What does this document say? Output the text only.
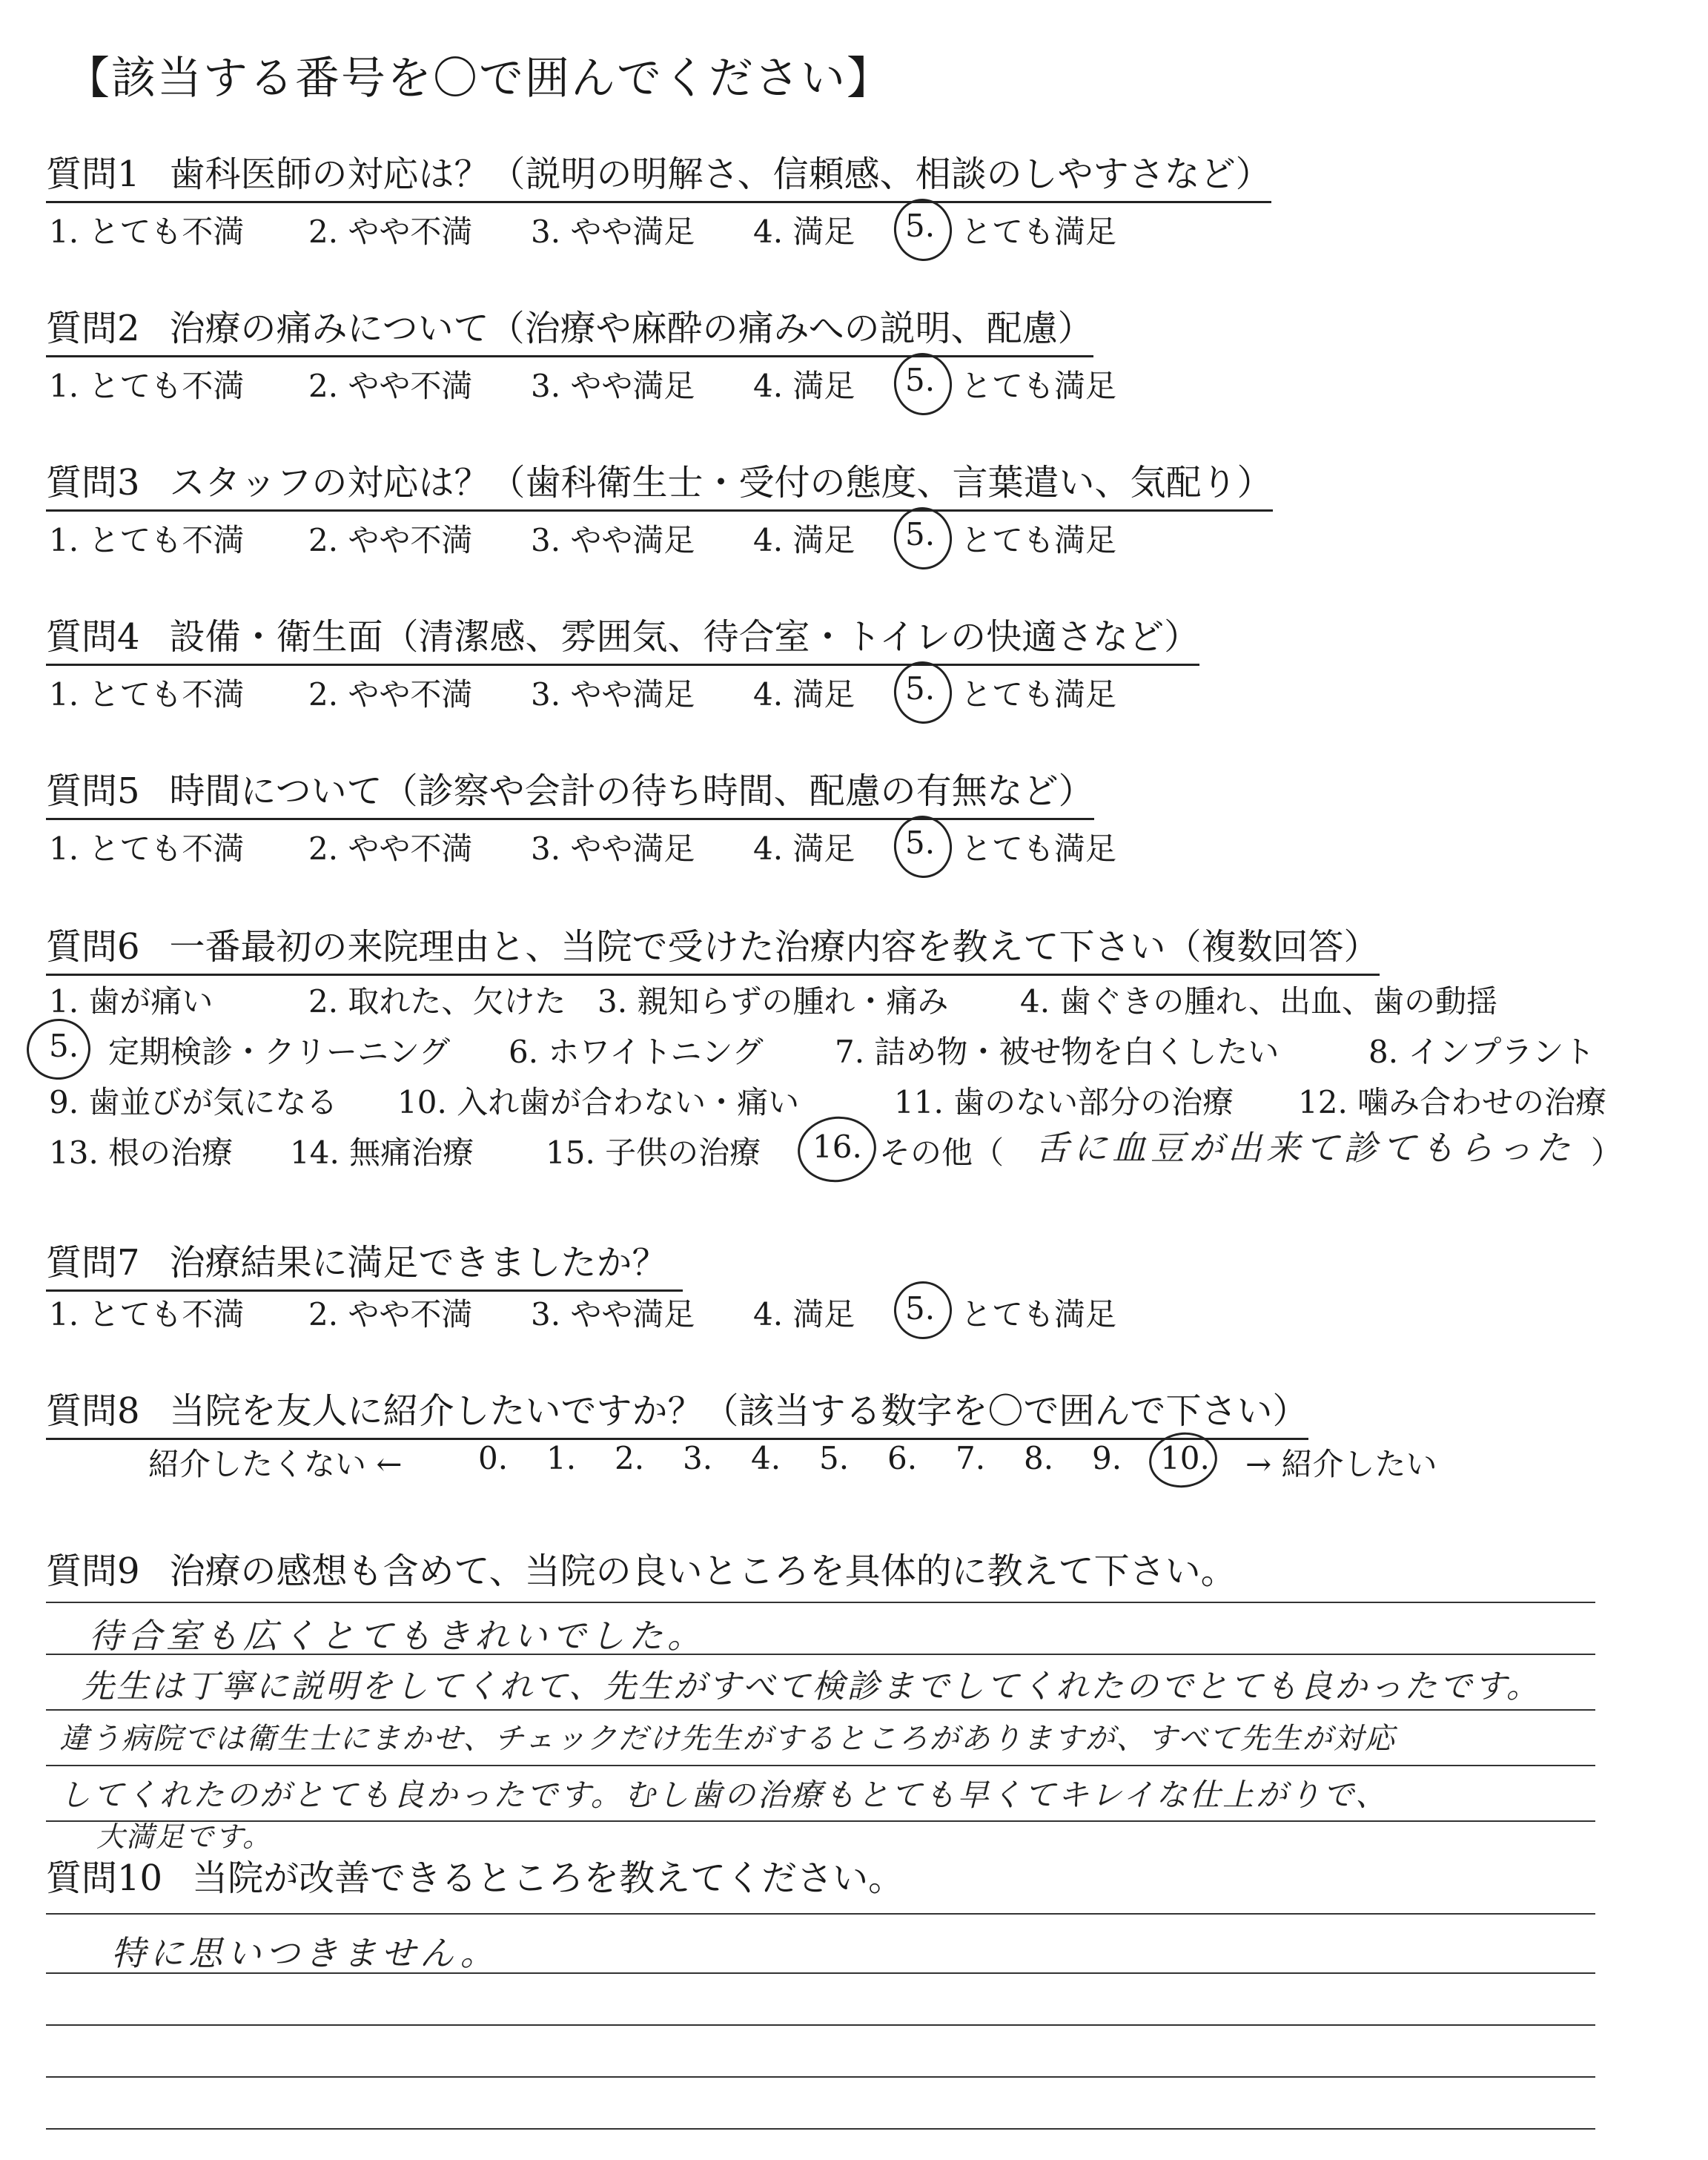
【該当する番号を〇で囲んでください】
質問1 歯科医師の対応は？（説明の明解さ、信頼感、相談のしやすさなど）
1. とても不満 2. やや不満 3. やや満足 4. 満足 5. とても満足
質問2 治療の痛みについて（治療や麻酔の痛みへの説明、配慮）
1. とても不満 2. やや不満 3. やや満足 4. 満足 5. とても満足
質問3 スタッフの対応は？（歯科衛生士・受付の態度、言葉遣い、気配り）
1. とても不満 2. やや不満 3. やや満足 4. 満足 5. とても満足
質問4 設備・衛生面（清潔感、雰囲気、待合室・トイレの快適さなど）
1. とても不満 2. やや不満 3. やや満足 4. 満足 5. とても満足
質問5 時間について（診察や会計の待ち時間、配慮の有無など）
1. とても不満 2. やや不満 3. やや満足 4. 満足 5. とても満足
質問6 一番最初の来院理由と、当院で受けた治療内容を教えて下さい（複数回答）
1. 歯が痛い	2. 取れた、欠けた 3. 親知らずの腫れ・痛み 4. 歯ぐきの腫れ、出血、歯の動揺
5. 定期検診・クリーニング 6. ホワイトニング 7. 詰め物・被せ物を白くしたい	8. インプラント
9. 歯並びが気になる 10. 入れ歯が合わない・痛い	11. 歯のない部分の治療 12. 噛み合わせの治療
13. 根の治療 14. 無痛治療 15. 子供の治療 16. その他（ 舌に血豆が出来て診てもらった ）
質問7 治療結果に満足できましたか？
1. とても不満 2. やや不満 3. やや満足 4. 満足 5. とても満足
質問8 当院を友人に紹介したいですか？（該当する数字を〇で囲んで下さい）
紹介したくない ← 0. 1. 2. 3. 4. 5. 6. 7. 8. 9. 10. → 紹介したい
質問9 治療の感想も含めて、当院の良いところを具体的に教えて下さい。
待合室も広くとてもきれいでした。
先生は丁寧に説明をしてくれて、先生がすべて検診までしてくれたのでとても良かったです。
違う病院では衛生士にまかせ、チェックだけ先生がするところがありますが、すべて先生が対応
してくれたのがとても良かったです。むし歯の治療もとても早くてキレイな仕上がりで、
大満足です。
質問10 当院が改善できるところを教えてください。
特に思いつきません。
